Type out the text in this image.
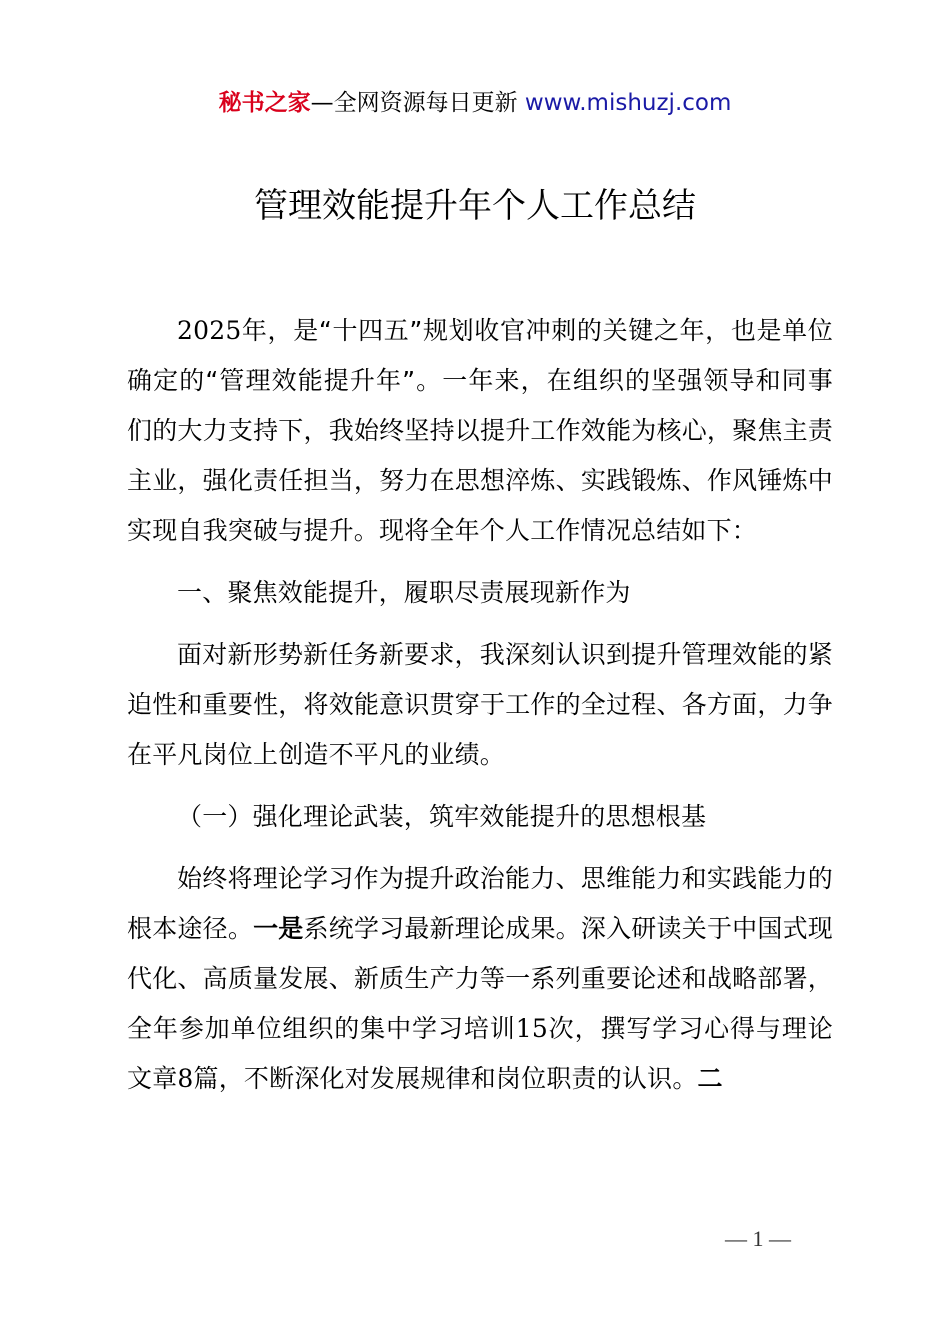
秘书之家—全网资源每日更新 www.mishuzj.com
管理效能提升年个人工作总结

2025年，是“十四五”规划收官冲刺的关键之年，也是单位确定的“管理效能提升年”。一年来，在组织的坚强领导和同事们的大力支持下，我始终坚持以提升工作效能为核心，聚焦主责主业，强化责任担当，努力在思想淬炼、实践锻炼、作风锤炼中实现自我突破与提升。现将全年个人工作情况总结如下：

一、聚焦效能提升，履职尽责展现新作为

面对新形势新任务新要求，我深刻认识到提升管理效能的紧迫性和重要性，将效能意识贯穿于工作的全过程、各方面，力争在平凡岗位上创造不平凡的业绩。

（一）强化理论武装，筑牢效能提升的思想根基

始终将理论学习作为提升政治能力、思维能力和实践能力的根本途径。一是系统学习最新理论成果。深入研读关于中国式现代化、高质量发展、新质生产力等一系列重要论述和战略部署，全年参加单位组织的集中学习培训15次，撰写学习心得与理论文章8篇，不断深化对发展规律和岗位职责的认识。二

— 1 —
